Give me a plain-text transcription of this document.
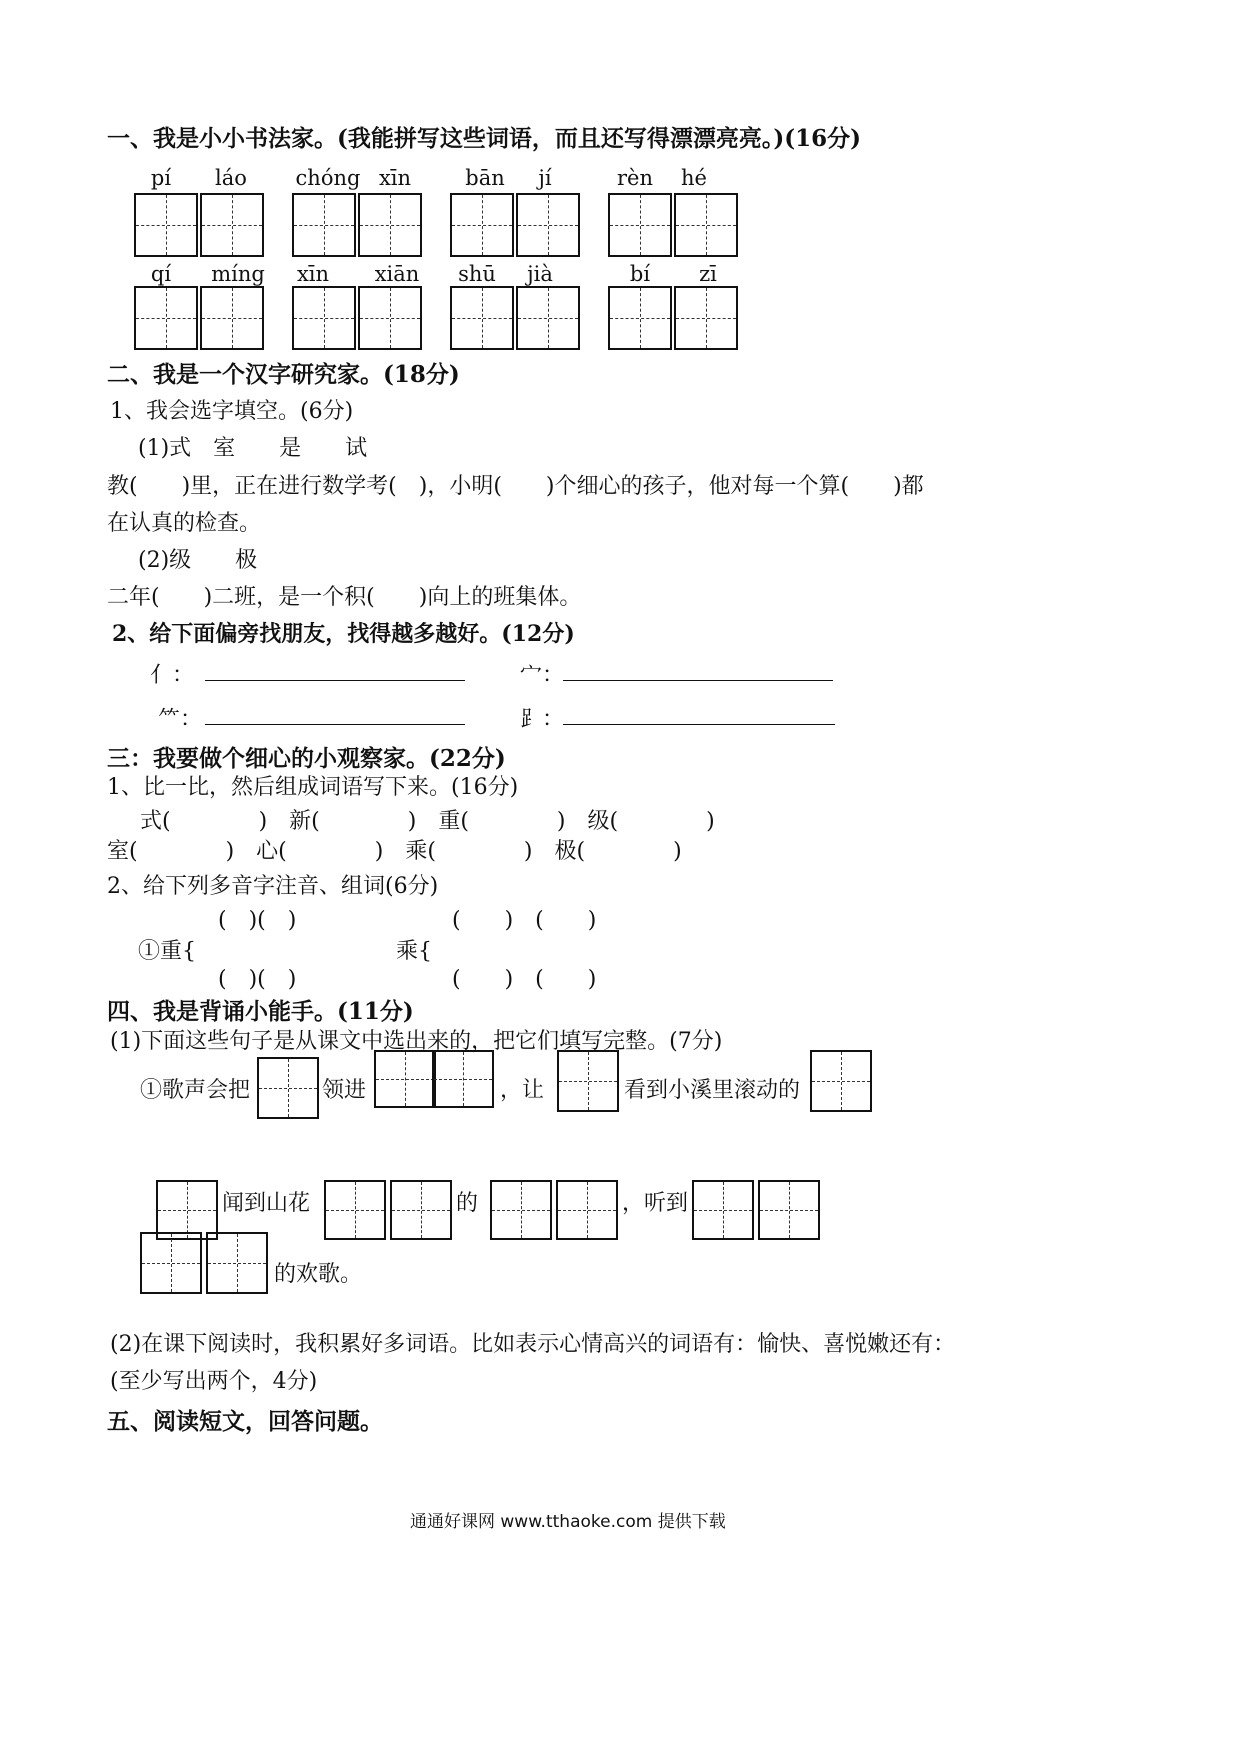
一、我是小小书法家。(我能拼写这些词语，而且还写得漂漂亮亮。)(16分)
pí	láo	chóng xīn	bān	jí	rèn	hé
qí	míng	xīn	xiān	shū	jià	bí	zī
二、我是一个汉字研究家。(18分)
1、我会选字填空。(6分)
(1)式　室　　是　　试
教(　　)里，正在进行数学考(　)，小明(　　)个细心的孩子，他对每一个算(　　)都
在认真的检查。
(2)级　　极
二年(　　)二班，是一个积(　　)向上的班集体。
2、给下面偏旁找朋友，找得越多越好。(12分)
亻：	宀：
⺮：	⻊：
三：我要做个细心的小观察家。(22分)
1、比一比，然后组成词语写下来。(16分)
式(　　　　)　新(　　　　)　重(　　　　)　级(　　　　)
室(　　　　)　心(　　　　)　乘(　　　　)　极(　　　　)
2、给下列多音字注音、组词(6分)
(　)(　)	(　　)　(　　)
①重{	乘{
(　)(　)	(　　)　(　　)
四、我是背诵小能手。(11分)
(1)下面这些句子是从课文中选出来的，把它们填写完整。(7分)
①歌声会把	领进	，让	看到小溪里滚动的
闻到山花	的	，听到
的欢歌。
(2)在课下阅读时，我积累好多词语。比如表示心情高兴的词语有：愉快、喜悦嫩还有：
(至少写出两个，4分)
五、阅读短文，回答问题。
通通好课网 www.tthaoke.com 提供下载
